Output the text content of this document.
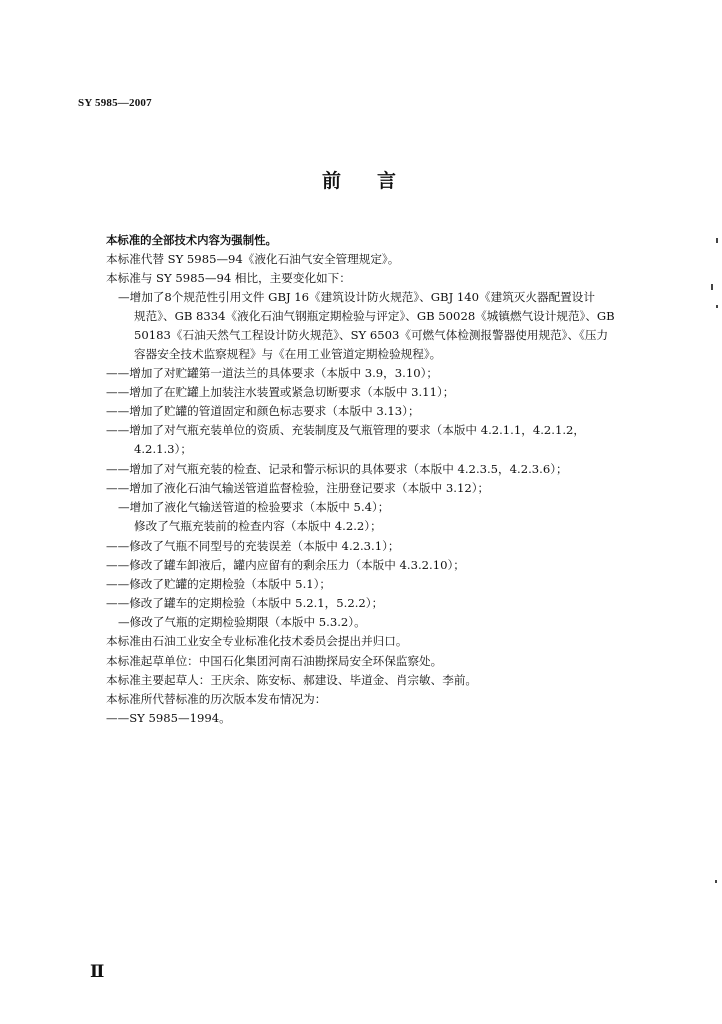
SY 5985—2007
前言
本标准的全部技术内容为强制性。
本标准代替 SY 5985—94《液化石油气安全管理规定》。
本标准与 SY 5985—94 相比，主要变化如下：
—增加了8个规范性引用文件 GBJ 16《建筑设计防火规范》、GBJ 140《建筑灭火器配置设计
规范》、GB 8334《液化石油气钢瓶定期检验与评定》、GB 50028《城镇燃气设计规范》、GB
50183《石油天然气工程设计防火规范》、SY 6503《可燃气体检测报警器使用规范》、《压力
容器安全技术监察规程》与《在用工业管道定期检验规程》。
——增加了对贮罐第一道法兰的具体要求（本版中 3.9，3.10）；
——增加了在贮罐上加装注水装置或紧急切断要求（本版中 3.11）；
——增加了贮罐的管道固定和颜色标志要求（本版中 3.13）；
——增加了对气瓶充装单位的资质、充装制度及气瓶管理的要求（本版中 4.2.1.1，4.2.1.2，
4.2.1.3）；
——增加了对气瓶充装的检查、记录和警示标识的具体要求（本版中 4.2.3.5，4.2.3.6）；
——增加了液化石油气输送管道监督检验，注册登记要求（本版中 3.12）；
—增加了液化气输送管道的检验要求（本版中 5.4）；
修改了气瓶充装前的检查内容（本版中 4.2.2）；
——修改了气瓶不同型号的充装误差（本版中 4.2.3.1）；
——修改了罐车卸液后，罐内应留有的剩余压力（本版中 4.3.2.10）；
——修改了贮罐的定期检验（本版中 5.1）；
——修改了罐车的定期检验（本版中 5.2.1，5.2.2）；
—修改了气瓶的定期检验期限（本版中 5.3.2）。
本标准由石油工业安全专业标准化技术委员会提出并归口。
本标准起草单位：中国石化集团河南石油勘探局安全环保监察处。
本标准主要起草人：王庆余、陈安标、郝建设、毕道金、肖宗敏、李前。
本标准所代替标准的历次版本发布情况为：
——SY 5985—1994。
Ⅱ
